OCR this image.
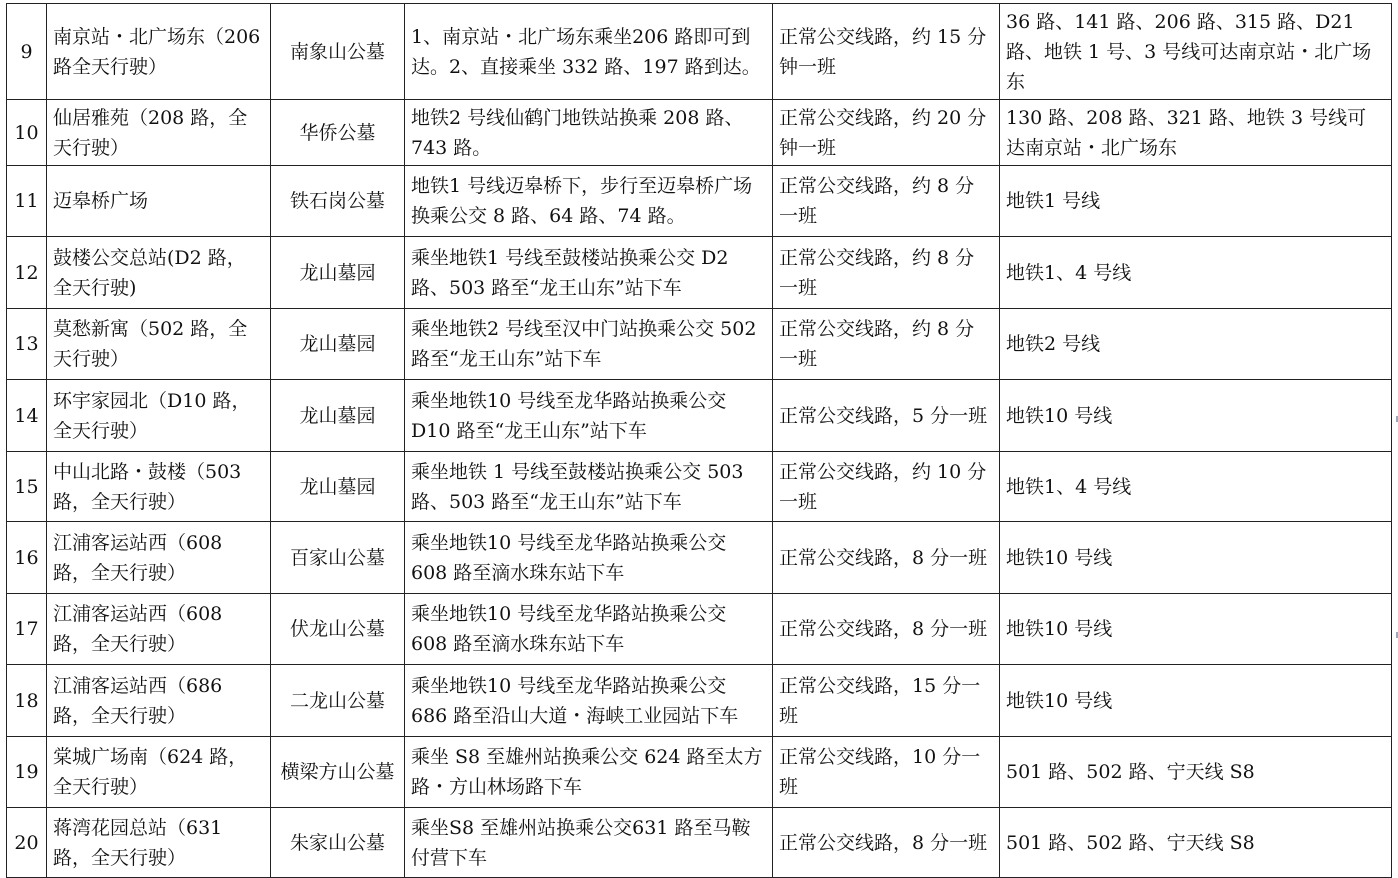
9	南京站・北广场东（206 路全天行驶）	南象山公墓	1、南京站・北广场东乘坐206 路即可到达。2、直接乘坐 332 路、197 路到达。	正常公交线路，约 15 分钟一班	36 路、141 路、206 路、315 路、D21 路、地铁 1 号、3 号线可达南京站・北广场东
10	仙居雅苑（208 路，全天行驶）	华侨公墓	地铁2 号线仙鹤门地铁站换乘 208 路、743 路。	正常公交线路，约 20 分钟一班	130 路、208 路、321 路、地铁 3 号线可达南京站・北广场东
11	迈皋桥广场	铁石岗公墓	地铁1 号线迈皋桥下，步行至迈皋桥广场换乘公交 8 路、64 路、74 路。	正常公交线路，约 8 分一班	地铁1 号线
12	鼓楼公交总站(D2 路，全天行驶)	龙山墓园	乘坐地铁1 号线至鼓楼站换乘公交 D2 路、503 路至“龙王山东”站下车	正常公交线路，约 8 分一班	地铁1、4 号线
13	莫愁新寓（502 路，全天行驶）	龙山墓园	乘坐地铁2 号线至汉中门站换乘公交 502 路至“龙王山东”站下车	正常公交线路，约 8 分一班	地铁2 号线
14	环宇家园北（D10 路，全天行驶）	龙山墓园	乘坐地铁10 号线至龙华路站换乘公交 D10 路至“龙王山东”站下车	正常公交线路，5 分一班	地铁10 号线
15	中山北路・鼓楼（503 路，全天行驶）	龙山墓园	乘坐地铁 1 号线至鼓楼站换乘公交 503 路、503 路至“龙王山东”站下车	正常公交线路，约 10 分一班	地铁1、4 号线
16	江浦客运站西（608 路，全天行驶）	百家山公墓	乘坐地铁10 号线至龙华路站换乘公交 608 路至滴水珠东站下车	正常公交线路，8 分一班	地铁10 号线
17	江浦客运站西（608 路，全天行驶）	伏龙山公墓	乘坐地铁10 号线至龙华路站换乘公交 608 路至滴水珠东站下车	正常公交线路，8 分一班	地铁10 号线
18	江浦客运站西（686 路，全天行驶）	二龙山公墓	乘坐地铁10 号线至龙华路站换乘公交 686 路至沿山大道・海峡工业园站下车	正常公交线路，15 分一班	地铁10 号线
19	棠城广场南（624 路，全天行驶）	横梁方山公墓	乘坐 S8 至雄州站换乘公交 624 路至太方路・方山林场路下车	正常公交线路，10 分一班	501 路、502 路、宁天线 S8
20	蒋湾花园总站（631 路，全天行驶）	朱家山公墓	乘坐S8 至雄州站换乘公交631 路至马鞍付营下车	正常公交线路，8 分一班	501 路、502 路、宁天线 S8
